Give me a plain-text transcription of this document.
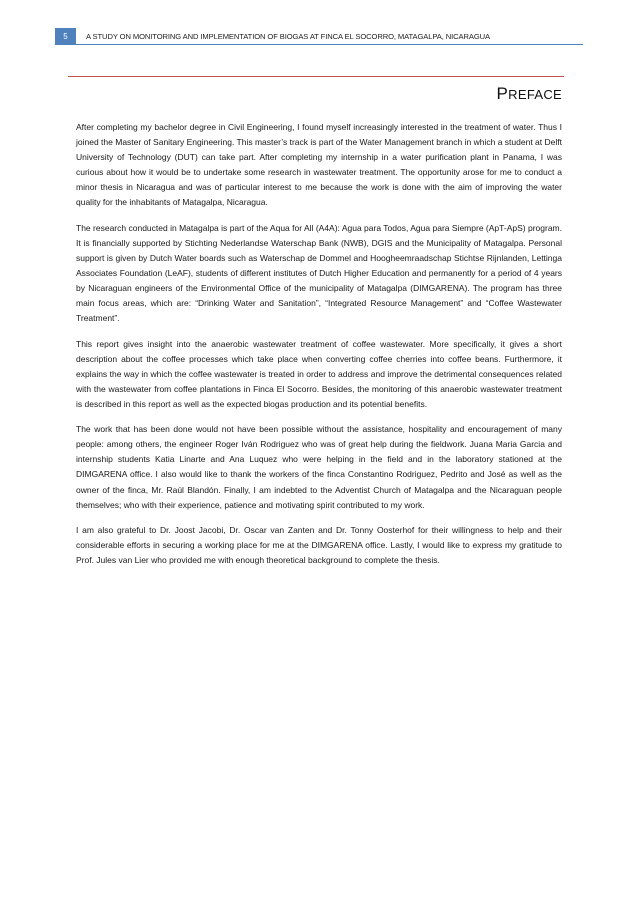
5	A STUDY ON MONITORING AND IMPLEMENTATION OF BIOGAS AT FINCA EL SOCORRO, MATAGALPA, NICARAGUA
PREFACE

After completing my bachelor degree in Civil Engineering, I found myself increasingly interested in the treatment of water. Thus I joined the Master of Sanitary Engineering. This master’s track is part of the Water Management branch in which a student at Delft University of Technology (DUT) can take part. After completing my internship in a water purification plant in Panama, I was curious about how it would be to undertake some research in wastewater treatment. The opportunity arose for me to conduct a minor thesis in Nicaragua and was of particular interest to me because the work is done with the aim of improving the water quality for the inhabitants of Matagalpa, Nicaragua.

The research conducted in Matagalpa is part of the Aqua for All (A4A): Agua para Todos, Agua para Siempre (ApT-ApS) program. It is financially supported by Stichting Nederlandse Waterschap Bank (NWB), DGIS and the Municipality of Matagalpa. Personal support is given by Dutch Water boards such as Waterschap de Dommel and Hoogheemraadschap Stichtse Rijnlanden, Lettinga Associates Foundation (LeAF), students of different institutes of Dutch Higher Education and permanently for a period of 4 years by Nicaraguan engineers of the Environmental Office of the municipality of Matagalpa (DIMGARENA). The program has three main focus areas, which are: “Drinking Water and Sanitation”, “Integrated Resource Management” and “Coffee Wastewater Treatment”.

This report gives insight into the anaerobic wastewater treatment of coffee wastewater. More specifically, it gives a short description about the coffee processes which take place when converting coffee cherries into coffee beans. Furthermore, it explains the way in which the coffee wastewater is treated in order to address and improve the detrimental consequences related with the wastewater from coffee plantations in Finca El Socorro. Besides, the monitoring of this anaerobic wastewater treatment is described in this report as well as the expected biogas production and its potential benefits.

The work that has been done would not have been possible without the assistance, hospitality and encouragement of many people: among others, the engineer Roger Iván Rodriguez who was of great help during the fieldwork. Juana Maria Garcia and internship students Katia Linarte and Ana Luquez who were helping in the field and in the laboratory stationed at the DIMGARENA office. I also would like to thank the workers of the finca Constantino Rodriguez, Pedrito and José as well as the owner of the finca, Mr. Raúl Blandón. Finally, I am indebted to the Adventist Church of Matagalpa and the Nicaraguan people themselves; who with their experience, patience and motivating spirit contributed to my work.

I am also grateful to Dr. Joost Jacobi, Dr. Oscar van Zanten and Dr. Tonny Oosterhof for their willingness to help and their considerable efforts in securing a working place for me at the DIMGARENA office. Lastly, I would like to express my gratitude to Prof. Jules van Lier who provided me with enough theoretical background to complete the thesis.
